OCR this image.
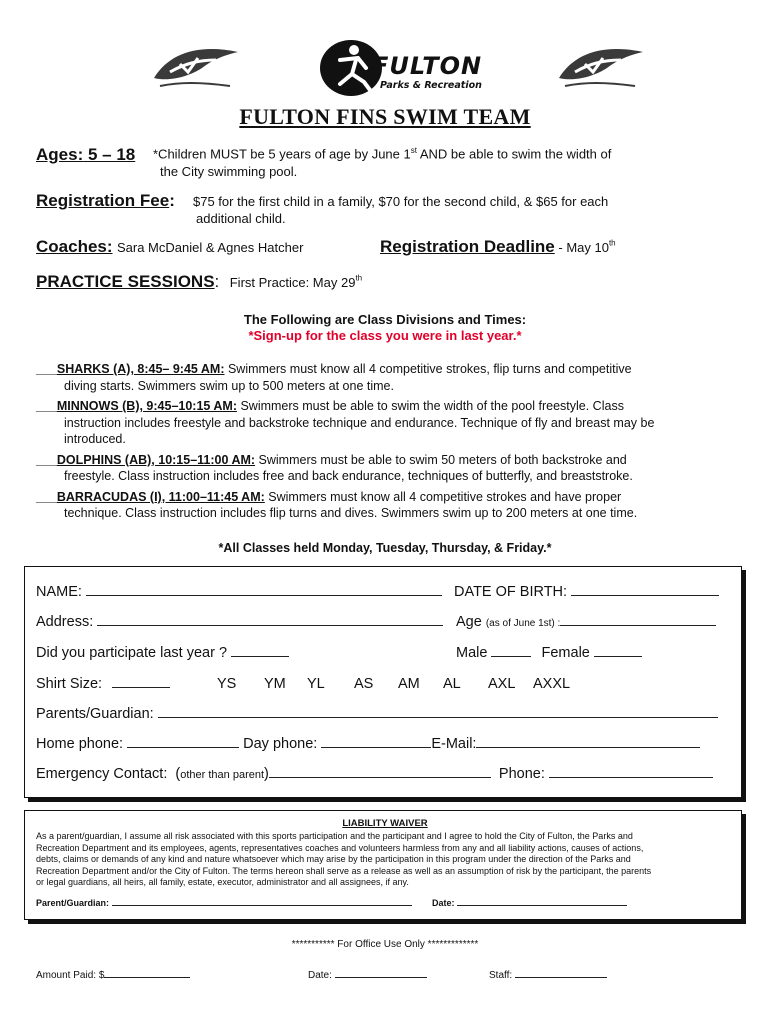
FULTON
Parks & Recreation
FULTON FINS SWIM TEAM
Ages: 5 – 18 *Children MUST be 5 years of age by June 1st AND be able to swim the width of
the City swimming pool.
Registration Fee: $75 for the first child in a family, $70 for the second child, & $65 for each
additional child.
Coaches: Sara McDaniel & Agnes Hatcher	Registration Deadline - May 10th
PRACTICE SESSIONS: First Practice: May 29th
The Following are Class Divisions and Times:
*Sign-up for the class you were in last year.*
___SHARKS (A), 8:45– 9:45 AM: Swimmers must know all 4 competitive strokes, flip turns and competitive
diving starts. Swimmers swim up to 500 meters at one time.
___MINNOWS (B), 9:45–10:15 AM: Swimmers must be able to swim the width of the pool freestyle. Class
instruction includes freestyle and backstroke technique and endurance. Technique of fly and breast may be
introduced.
___DOLPHINS (AB), 10:15–11:00 AM: Swimmers must be able to swim 50 meters of both backstroke and
freestyle. Class instruction includes free and back endurance, techniques of butterfly, and breaststroke.
___BARRACUDAS (I), 11:00–11:45 AM: Swimmers must know all 4 competitive strokes and have proper
technique. Class instruction includes flip turns and dives. Swimmers swim up to 200 meters at one time.
*All Classes held Monday, Tuesday, Thursday, & Friday.*
NAME:	DATE OF BIRTH:
Address:	Age (as of June 1st) :
Did you participate last year ?	Male	Female
Shirt Size:	YS YM YL AS AM AL AXL AXXL
Parents/Guardian:
Home phone:	Day phone:	E-Mail:
Emergency Contact: (other than parent)	Phone:
LIABILITY WAIVER
As a parent/guardian, I assume all risk associated with this sports participation and the participant and I agree to hold the City of Fulton, the Parks and
Recreation Department and its employees, agents, representatives coaches and volunteers harmless from any and all liability actions, causes of actions,
debts, claims or demands of any kind and nature whatsoever which may arise by the participation in this program under the direction of the Parks and
Recreation Department and/or the City of Fulton. The terms hereon shall serve as a release as well as an assumption of risk by the participant, the parents
or legal guardians, all heirs, all family, estate, executor, administrator and all assignees, if any.
Parent/Guardian:	Date:
*********** For Office Use Only *************
Amount Paid: $	Date:	Staff:
